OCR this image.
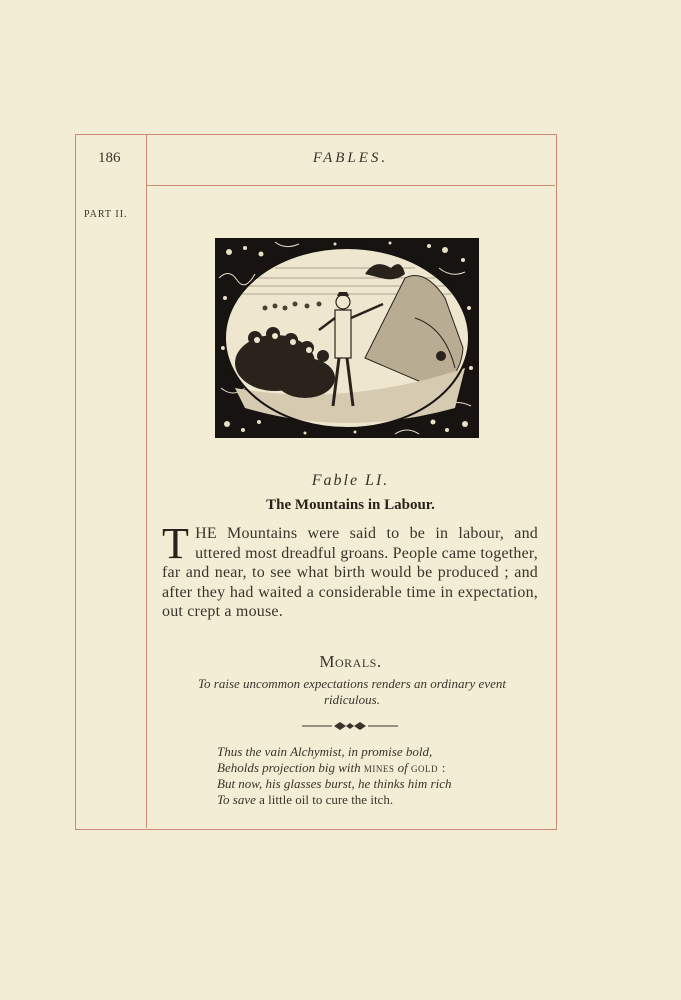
186	FABLES.
PART II.
Fable LI.
The Mountains in Labour.
THE Mountains were said to be in labour, and uttered most dreadful groans. People came together, far and near, to see what birth would be produced ; and after they had waited a considerable time in expectation, out crept a mouse.
Morals.
To raise uncommon expectations renders an ordinary event ridiculous.
Thus the vain Alchymist, in promise bold,
Beholds projection big with mines of gold :
But now, his glasses burst, he thinks him rich
To save a little oil to cure the itch.
